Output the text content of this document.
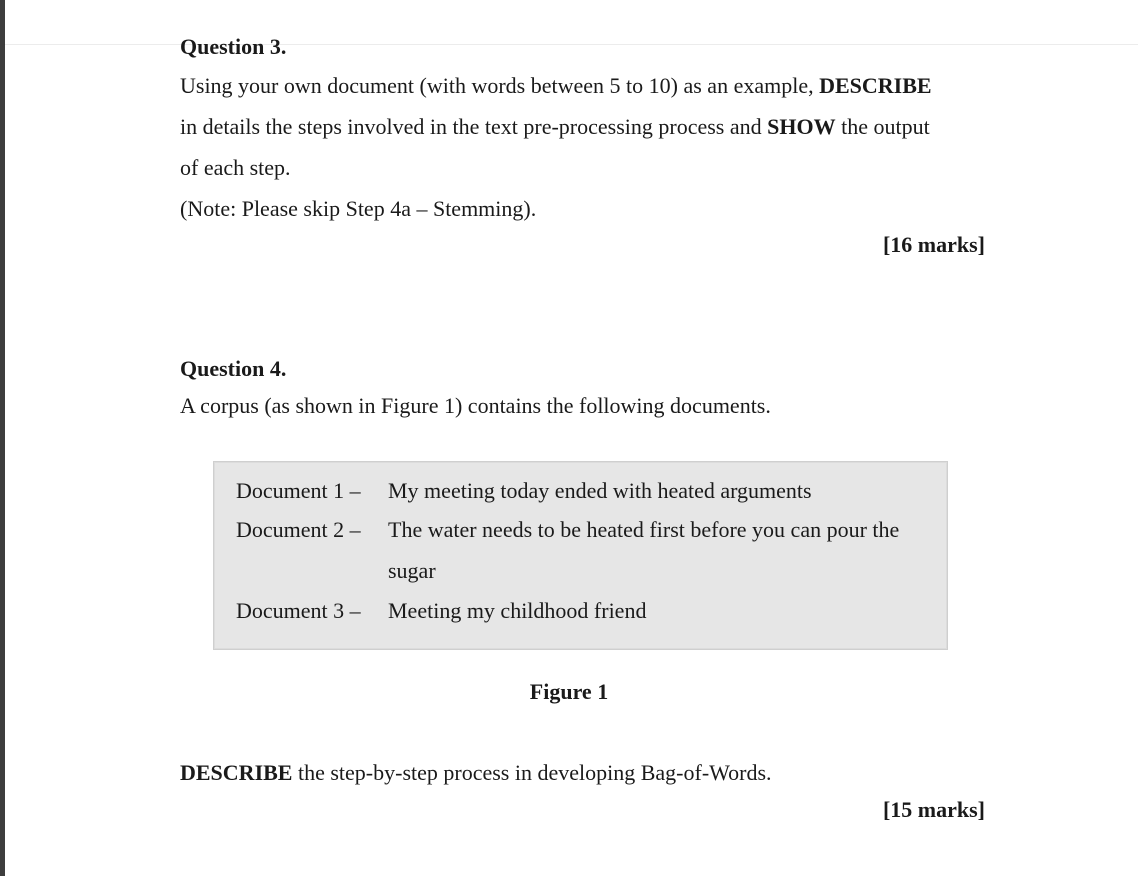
Question 3.

Using your own document (with words between 5 to 10) as an example, DESCRIBE
in details the steps involved in the text pre-processing process and SHOW the output
of each step.
(Note: Please skip Step 4a – Stemming).

[16 marks]

Question 4.

A corpus (as shown in Figure 1) contains the following documents.

Document 1 – My meeting today ended with heated arguments
Document 2 – The water needs to be heated first before you can pour the
sugar
Document 3 – Meeting my childhood friend
Figure 1
DESCRIBE the step-by-step process in developing Bag-of-Words.
[15 marks]
